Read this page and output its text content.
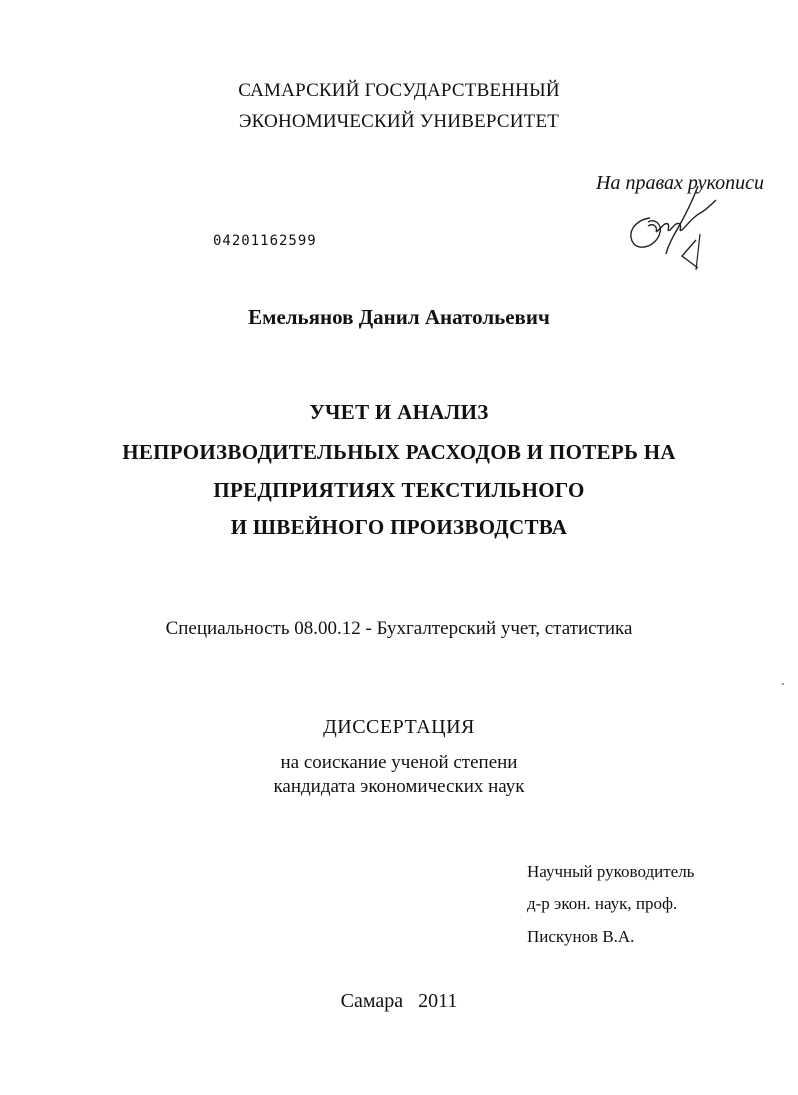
САМАРСКИЙ ГОСУДАРСТВЕННЫЙ
ЭКОНОМИЧЕСКИЙ УНИВЕРСИТЕТ
На правах рукописи
04201162599
Емельянов Данил Анатольевич
УЧЕТ И АНАЛИЗ
НЕПРОИЗВОДИТЕЛЬНЫХ РАСХОДОВ И ПОТЕРЬ НА
ПРЕДПРИЯТИЯХ ТЕКСТИЛЬНОГО
И ШВЕЙНОГО ПРОИЗВОДСТВА
Специальность 08.00.12 - Бухгалтерский учет, статистика
ДИССЕРТАЦИЯ
на соискание ученой степени
кандидата экономических наук
Научный руководитель
д-р экон. наук, проф.
Пискунов В.А.
Самара   2011
